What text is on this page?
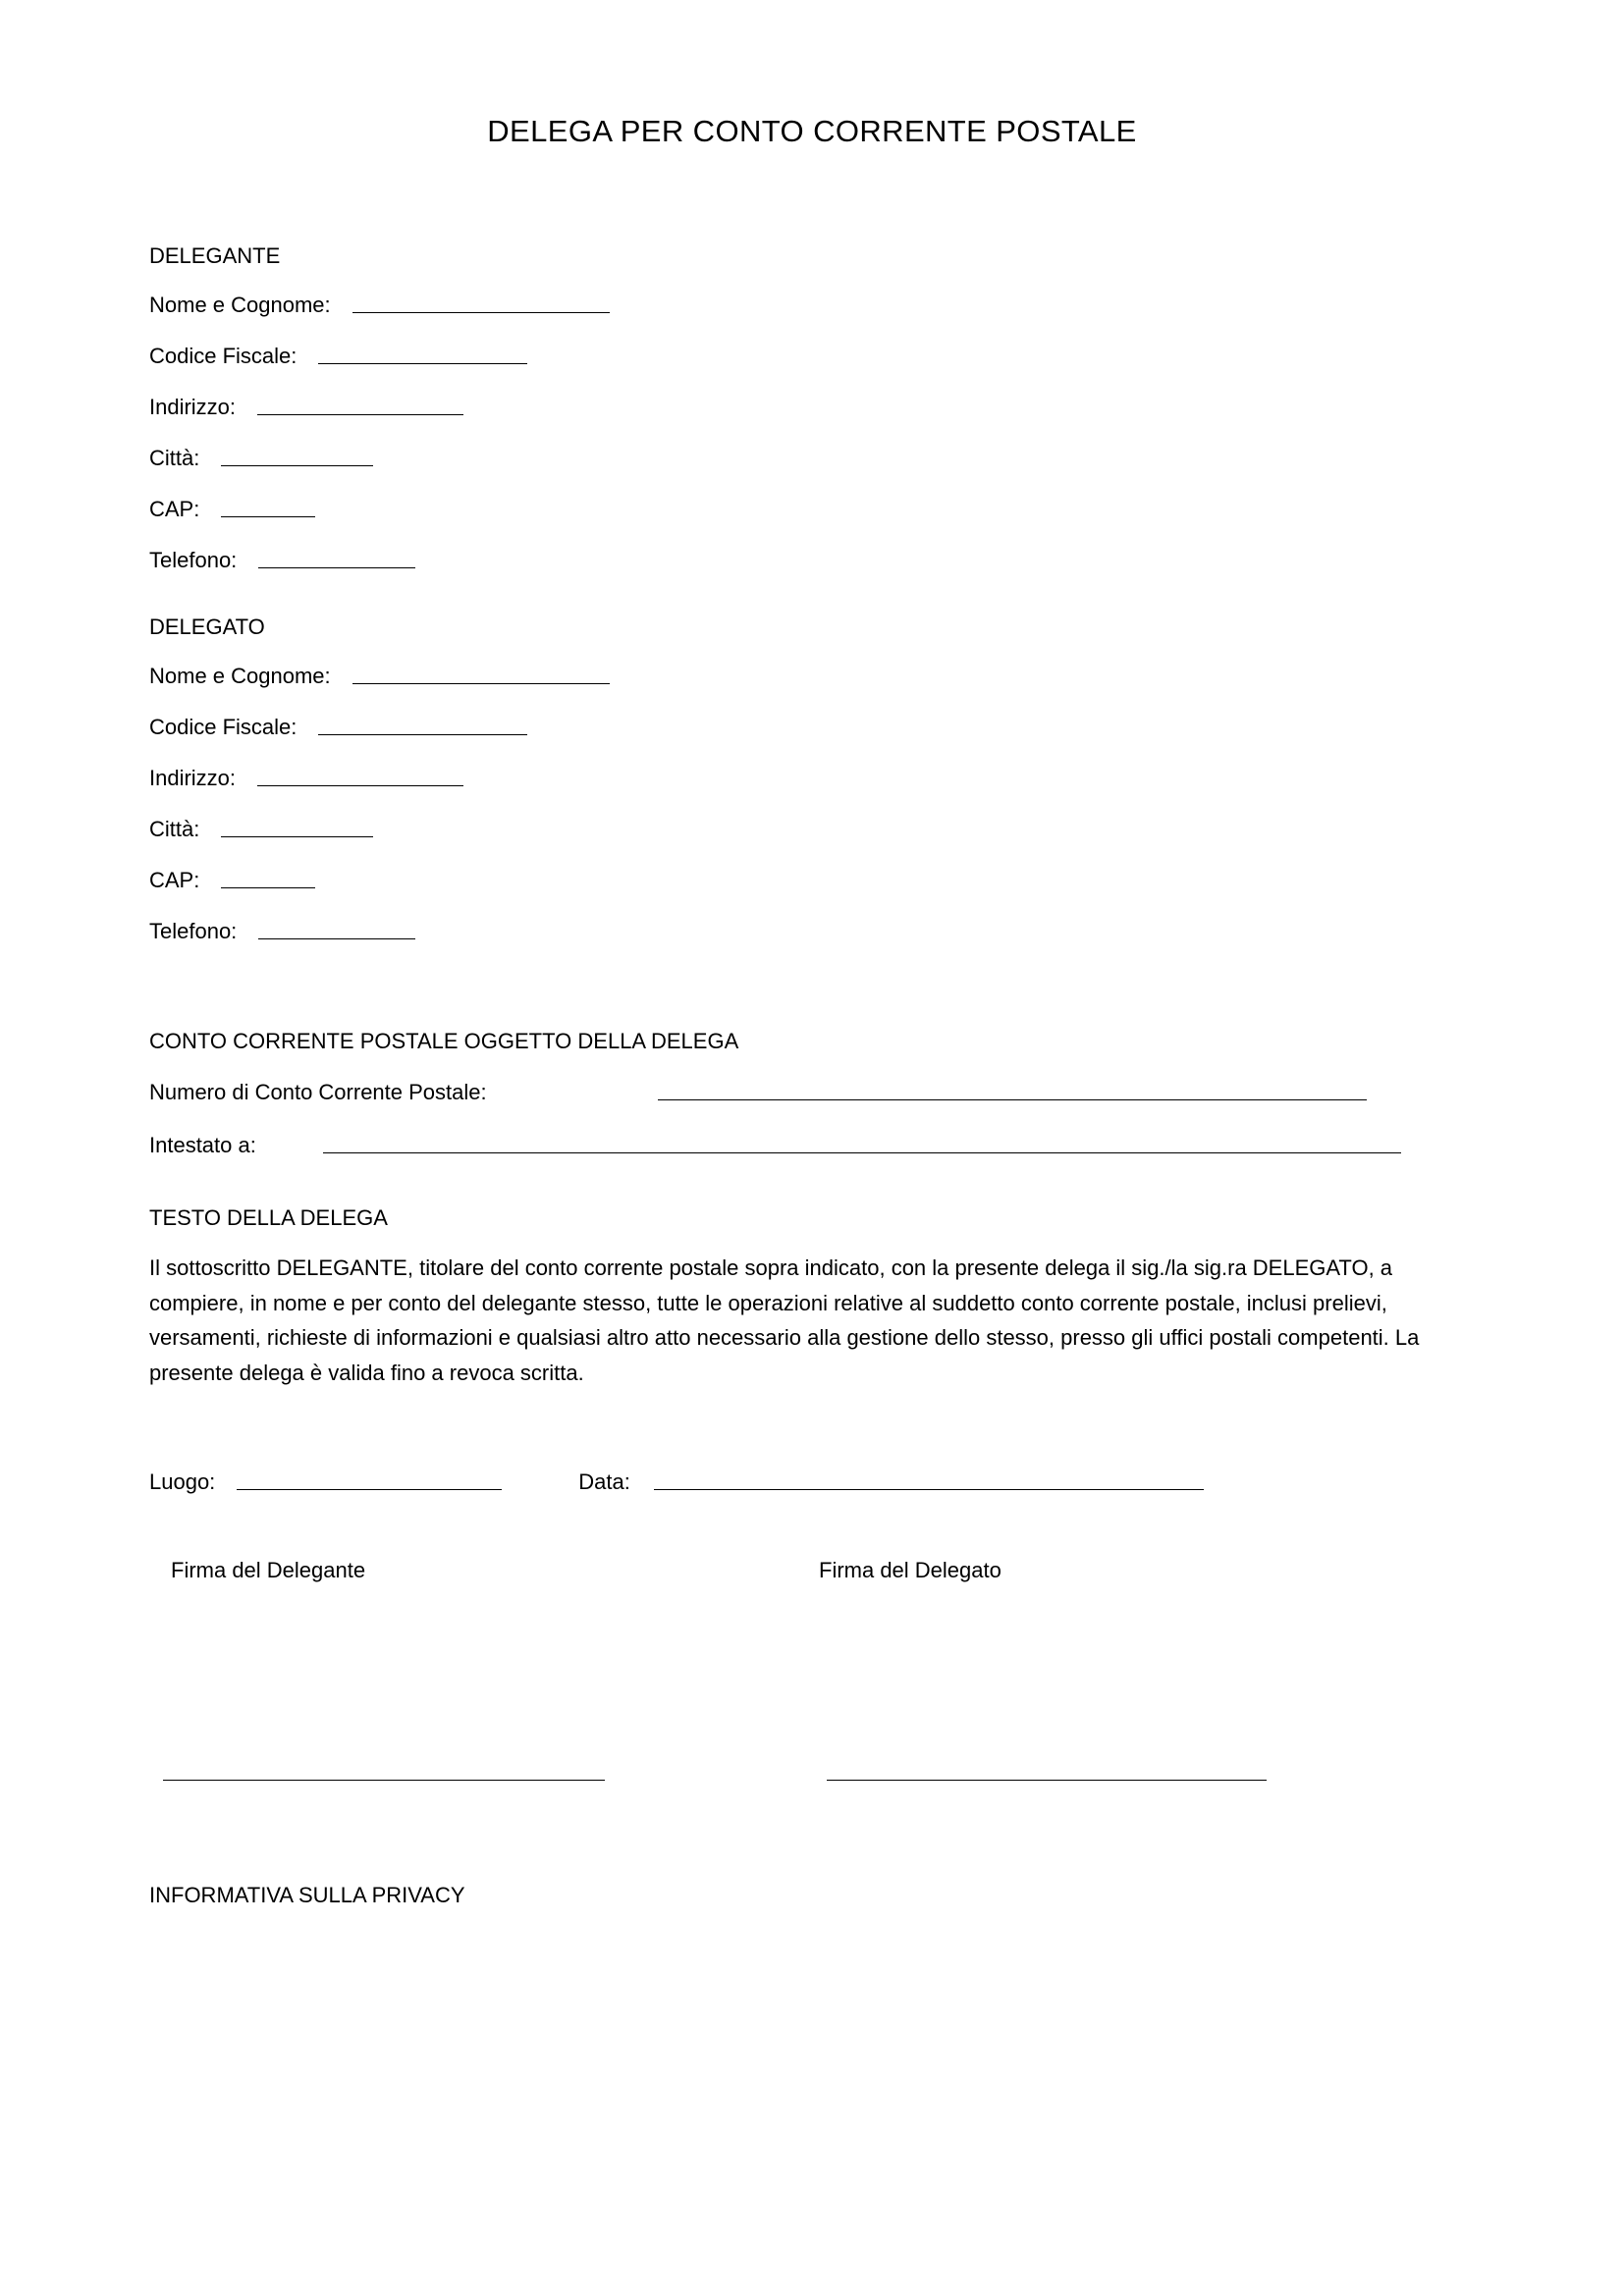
DELEGA PER CONTO CORRENTE POSTALE
DELEGANTE
Nome e Cognome:
Codice Fiscale:
Indirizzo:
Città:
CAP:
Telefono:
DELEGATO
Nome e Cognome:
Codice Fiscale:
Indirizzo:
Città:
CAP:
Telefono:
CONTO CORRENTE POSTALE OGGETTO DELLA DELEGA
Numero di Conto Corrente Postale:
Intestato a:
TESTO DELLA DELEGA
Il sottoscritto DELEGANTE, titolare del conto corrente postale sopra indicato, con la presente delega il sig./la sig.ra DELEGATO, a compiere, in nome e per conto del delegante stesso, tutte le operazioni relative al suddetto conto corrente postale, inclusi prelievi, versamenti, richieste di informazioni e qualsiasi altro atto necessario alla gestione dello stesso, presso gli uffici postali competenti. La presente delega è valida fino a revoca scritta.
Luogo:	Data:
Firma del Delegante	Firma del Delegato
INFORMATIVA SULLA PRIVACY
